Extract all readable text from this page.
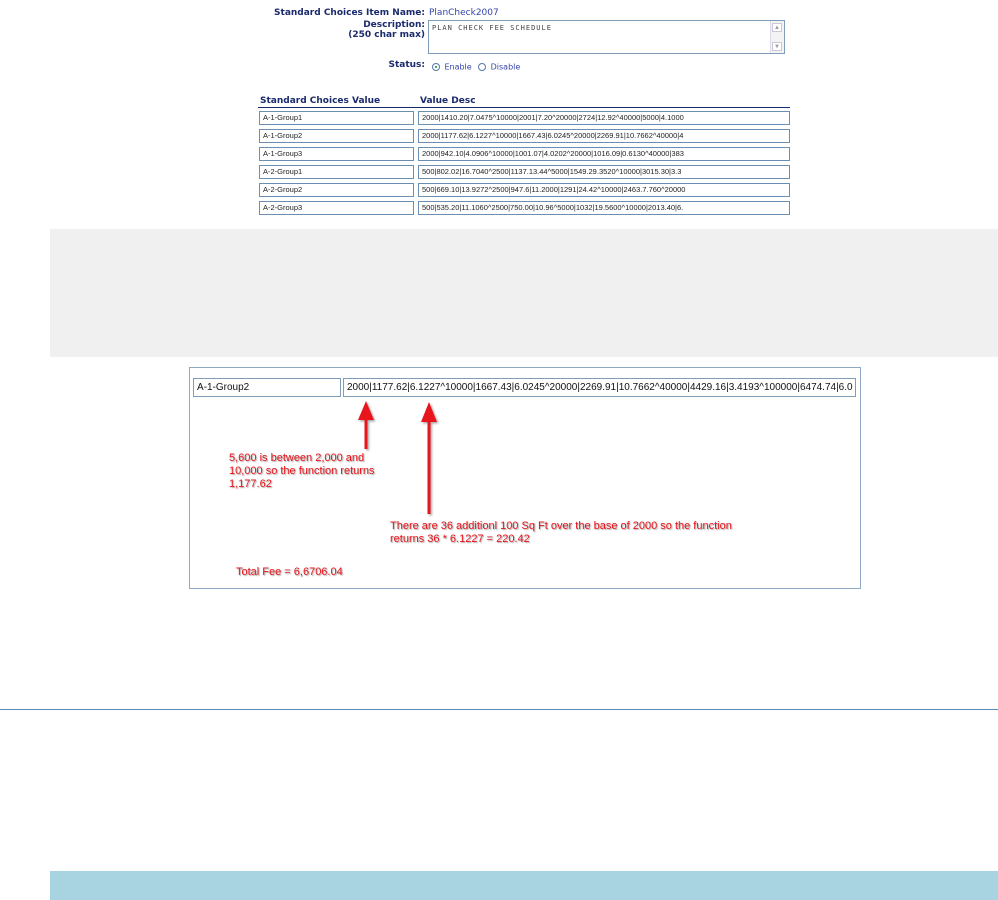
Standard Choices Item Name: PlanCheck2007
Description:
(250 char max)
PLAN CHECK FEE SCHEDULE	▲
▼
Status:	Enable Disable
Standard Choices Value	Value Desc
A-1-Group1	2000|1410.20|7.0475^10000|2001|7.20^20000|2724|12.92^40000|5000|4.1000
A-1-Group2	2000|1177.62|6.1227^10000|1667.43|6.0245^20000|2269.91|10.7662^40000|4
A-1-Group3	2000|942.10|4.0906^10000|1001.07|4.0202^20000|1016.09|0.6130^40000|383
A-2-Group1	500|802.02|16.7040^2500|1137.13.44^5000|1549.29.3520^10000|3015.30|3.3
A-2-Group2	500|669.10|13.9272^2500|947.6|11.2000|1291|24.42^10000|2463.7.760^20000
A-2-Group3	500|535.20|11.1060^2500|750.00|10.96^5000|1032|19.5600^10000|2013.40|6.
A-1-Group2	2000|1177.62|6.1227^10000|1667.43|6.0245^20000|2269.91|10.7662^40000|4429.16|3.4193^100000|6474.74|6.0
5,600 is between 2,000 and
10,000 so the function returns
1,177.62
There are 36 additionl 100 Sq Ft over the base of 2000 so the function
returns 36 * 6.1227 = 220.42
Total Fee = 6,6706.04
